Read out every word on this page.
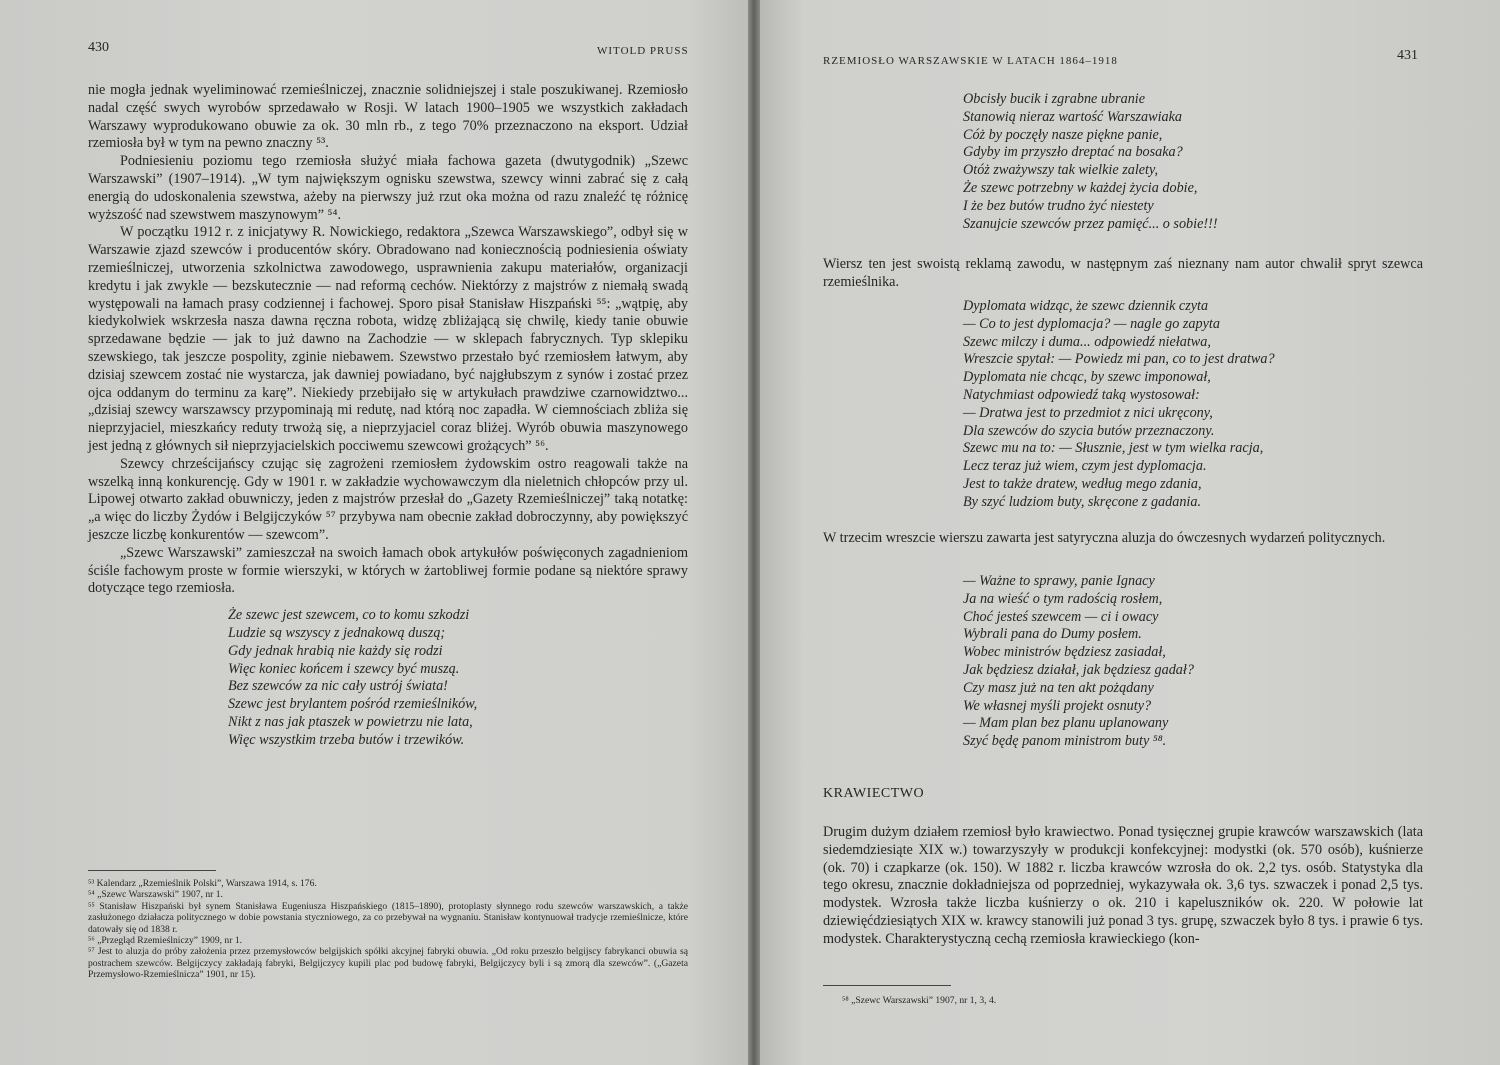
430	WITOLD PRUSS

nie mogła jednak wyeliminować rzemieślniczej, znacznie solidniejszej i stale poszukiwanej. Rzemiosło nadal część swych wyrobów sprzedawało w Rosji. W latach 1900–1905 we wszystkich zakładach Warszawy wyprodukowano obuwie za ok. 30 mln rb., z tego 70% przeznaczono na eksport. Udział rzemiosła był w tym na pewno znaczny ⁵³.

Podniesieniu poziomu tego rzemiosła służyć miała fachowa gazeta (dwutygodnik) „Szewc Warszawski” (1907–1914). „W tym największym ognisku szewstwa, szewcy winni zabrać się z całą energią do udoskonalenia szewstwa, ażeby na pierwszy już rzut oka można od razu znaleźć tę różnicę wyższość nad szewstwem maszynowym” ⁵⁴.

W początku 1912 r. z inicjatywy R. Nowickiego, redaktora „Szewca Warszawskiego”, odbył się w Warszawie zjazd szewców i producentów skóry. Obradowano nad koniecznością podniesienia oświaty rzemieślniczej, utworzenia szkolnictwa zawodowego, usprawnienia zakupu materiałów, organizacji kredytu i jak zwykle — bezskutecznie — nad reformą cechów. Niektórzy z majstrów z niemałą swadą występowali na łamach prasy codziennej i fachowej. Sporo pisał Stanisław Hiszpański ⁵⁵: „wątpię, aby kiedykolwiek wskrzesła nasza dawna ręczna robota, widzę zbliżającą się chwilę, kiedy tanie obuwie sprzedawane będzie — jak to już dawno na Zachodzie — w sklepach fabrycznych. Typ sklepiku szewskiego, tak jeszcze pospolity, zginie niebawem. Szewstwo przestało być rzemiosłem łatwym, aby dzisiaj szewcem zostać nie wystarcza, jak dawniej powiadano, być najgłubszym z synów i zostać przez ojca oddanym do terminu za karę”. Niekiedy przebijało się w artykułach prawdziwe czarnowidztwo... „dzisiaj szewcy warszawscy przypominają mi redutę, nad którą noc zapadła. W ciemnościach zbliża się nieprzyjaciel, mieszkańcy reduty trwożą się, a nieprzyjaciel coraz bliżej. Wyrób obuwia maszynowego jest jedną z głównych sił nieprzyjacielskich pocciwemu szewcowi grożących” ⁵⁶.

Szewcy chrześcijańscy czując się zagrożeni rzemiosłem żydowskim ostro reagowali także na wszelką inną konkurencję. Gdy w 1901 r. w zakładzie wychowawczym dla nieletnich chłopców przy ul. Lipowej otwarto zakład obuwniczy, jeden z majstrów przesłał do „Gazety Rzemieślniczej” taką notatkę: „a więc do liczby Żydów i Belgijczyków ⁵⁷ przybywa nam obecnie zakład dobroczynny, aby powiększyć jeszcze liczbę konkurentów — szewcom”.

„Szewc Warszawski” zamieszczał na swoich łamach obok artykułów poświęconych zagadnieniom ściśle fachowym proste w formie wierszyki, w których w żartobliwej formie podane są niektóre sprawy dotyczące tego rzemiosła.

Że szewc jest szewcem, co to komu szkodzi
Ludzie są wszyscy z jednakową duszą;
Gdy jednak hrabią nie każdy się rodzi
Więc koniec końcem i szewcy być muszą.
Bez szewców za nic cały ustrój świata!
Szewc jest brylantem pośród rzemieślników,
Nikt z nas jak ptaszek w powietrzu nie lata,
Więc wszystkim trzeba butów i trzewików.
⁵³ Kalendarz „Rzemieślnik Polski”, Warszawa 1914, s. 176.
⁵⁴ „Szewc Warszawski” 1907, nr 1.
⁵⁵ Stanisław Hiszpański był synem Stanisława Eugeniusza Hiszpańskiego (1815–1890), protoplasty słynnego rodu szewców warszawskich, a także zasłużonego działacza politycznego w dobie powstania styczniowego, za co przebywał na wygnaniu. Stanisław kontynuował tradycje rzemieślnicze, które datowały się od 1838 r.
⁵⁶ „Przegląd Rzemieślniczy” 1909, nr 1.
⁵⁷ Jest to aluzja do próby założenia przez przemysłowców belgijskich spółki akcyjnej fabryki obuwia. „Od roku przeszło belgijscy fabrykanci obuwia są postrachem szewców. Belgijczycy zakładają fabryki, Belgijczycy kupili plac pod budowę fabryki, Belgijczycy byli i są zmorą dla szewców”. („Gazeta Przemysłowo-Rzemieślnicza” 1901, nr 15).
RZEMIOSŁO WARSZAWSKIE W LATACH 1864–1918	431
Obcisły bucik i zgrabne ubranie
Stanowią nieraz wartość Warszawiaka
Cóż by poczęły nasze piękne panie,
Gdyby im przyszło dreptać na bosaka?
Otóż zważywszy tak wielkie zalety,
Że szewc potrzebny w każdej życia dobie,
I że bez butów trudno żyć niestety
Szanujcie szewców przez pamięć... o sobie!!!
Wiersz ten jest swoistą reklamą zawodu, w następnym zaś nieznany nam autor chwalił spryt szewca rzemieślnika.
Dyplomata widząc, że szewc dziennik czyta
— Co to jest dyplomacja? — nagle go zapyta
Szewc milczy i duma... odpowiedź niełatwa,
Wreszcie spytał: — Powiedz mi pan, co to jest dratwa?
Dyplomata nie chcąc, by szewc imponował,
Natychmiast odpowiedź taką wystosował:
— Dratwa jest to przedmiot z nici ukręcony,
Dla szewców do szycia butów przeznaczony.
Szewc mu na to: — Słusznie, jest w tym wielka racja,
Lecz teraz już wiem, czym jest dyplomacja.
Jest to także dratew, według mego zdania,
By szyć ludziom buty, skręcone z gadania.
W trzecim wreszcie wierszu zawarta jest satyryczna aluzja do ówczesnych wydarzeń politycznych.
— Ważne to sprawy, panie Ignacy
Ja na wieść o tym radością rosłem,
Choć jesteś szewcem — ci i owacy
Wybrali pana do Dumy posłem.
Wobec ministrów będziesz zasiadał,
Jak będziesz działał, jak będziesz gadał?
Czy masz już na ten akt pożądany
We własnej myśli projekt osnuty?
— Mam plan bez planu uplanowany
Szyć będę panom ministrom buty ⁵⁸.
KRAWIECTWO
Drugim dużym działem rzemiosł było krawiectwo. Ponad tysięcznej grupie krawców warszawskich (lata siedemdziesiąte XIX w.) towarzyszyły w produkcji konfekcyjnej: modystki (ok. 570 osób), kuśnierze (ok. 70) i czapkarze (ok. 150). W 1882 r. liczba krawców wzrosła do ok. 2,2 tys. osób. Statystyka dla tego okresu, znacznie dokładniejsza od poprzedniej, wykazywała ok. 3,6 tys. szwaczek i ponad 2,5 tys. modystek. Wzrosła także liczba kuśnierzy o ok. 210 i kapeluszników ok. 220. W połowie lat dziewięćdziesiątych XIX w. krawcy stanowili już ponad 3 tys. grupę, szwaczek było 8 tys. i prawie 6 tys. modystek. Charakterystyczną cechą rzemiosła krawieckiego (kon-
⁵⁸ „Szewc Warszawski” 1907, nr 1, 3, 4.
